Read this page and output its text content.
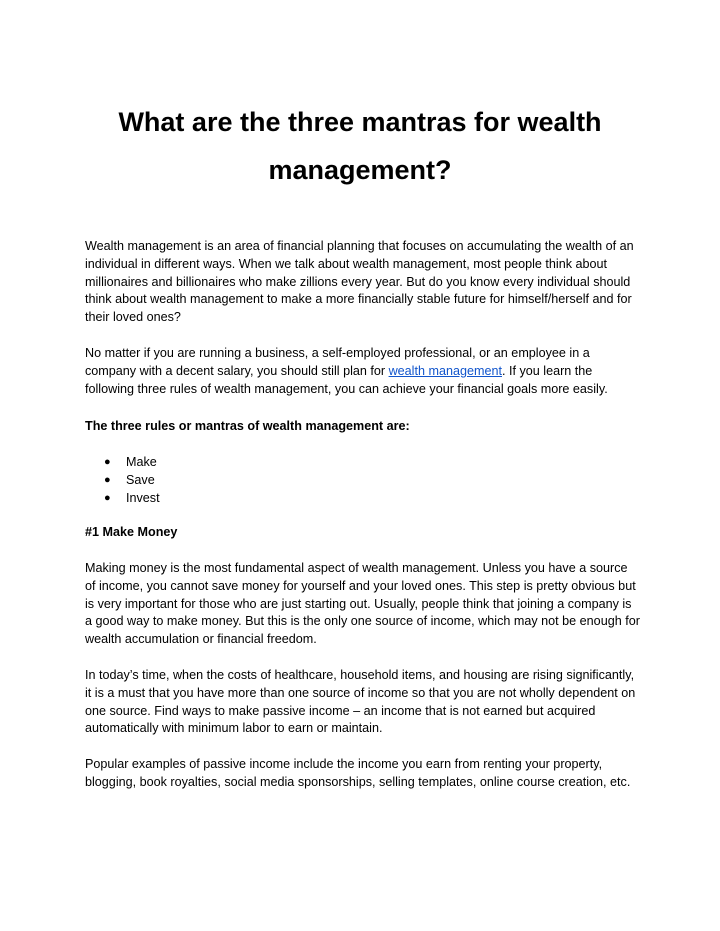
What are the three mantras for wealth management?

Wealth management is an area of financial planning that focuses on accumulating the wealth of an individual in different ways. When we talk about wealth management, most people think about millionaires and billionaires who make zillions every year. But do you know every individual should think about wealth management to make a more financially stable future for himself/herself and for their loved ones?

No matter if you are running a business, a self-employed professional, or an employee in a company with a decent salary, you should still plan for wealth management. If you learn the following three rules of wealth management, you can achieve your financial goals more easily.

The three rules or mantras of wealth management are:

● Make
● Save
● Invest

#1 Make Money

Making money is the most fundamental aspect of wealth management. Unless you have a source of income, you cannot save money for yourself and your loved ones. This step is pretty obvious but is very important for those who are just starting out. Usually, people think that joining a company is a good way to make money. But this is the only one source of income, which may not be enough for wealth accumulation or financial freedom.

In today’s time, when the costs of healthcare, household items, and housing are rising significantly, it is a must that you have more than one source of income so that you are not wholly dependent on one source. Find ways to make passive income – an income that is not earned but acquired automatically with minimum labor to earn or maintain.

Popular examples of passive income include the income you earn from renting your property, blogging, book royalties, social media sponsorships, selling templates, online course creation, etc.
